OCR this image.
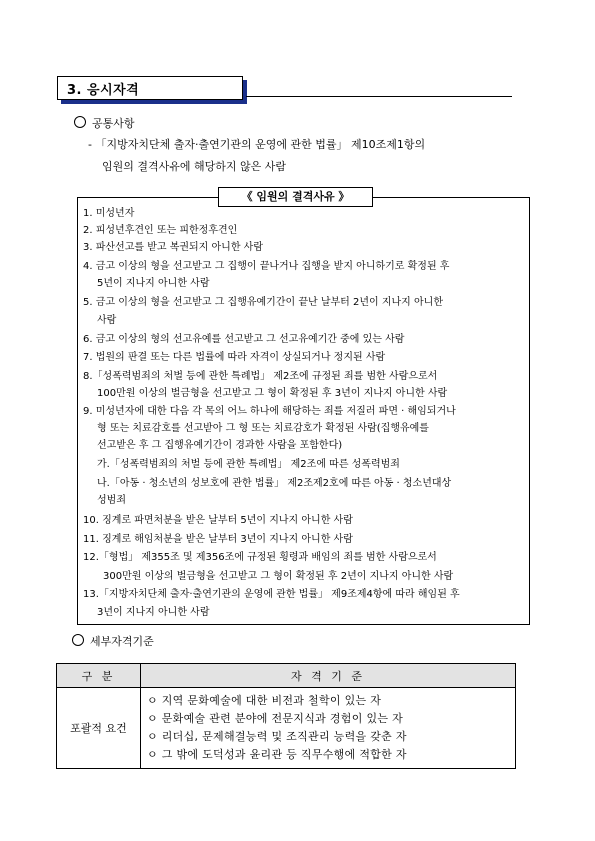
3. 응시자격
공통사항
- 「지방자치단체 출자·출연기관의 운영에 관한 법률」 제10조제1항의
임원의 결격사유에 해당하지 않은 사람
《 임원의 결격사유 》
1. 미성년자
2. 피성년후견인 또는 피한정후견인
3. 파산선고를 받고 복권되지 아니한 사람
4. 금고 이상의 형을 선고받고 그 집행이 끝나거나 집행을 받지 아니하기로 확정된 후
5년이 지나지 아니한 사람
5. 금고 이상의 형을 선고받고 그 집행유예기간이 끝난 날부터 2년이 지나지 아니한
사람
6. 금고 이상의 형의 선고유예를 선고받고 그 선고유예기간 중에 있는 사람
7. 법원의 판결 또는 다른 법률에 따라 자격이 상실되거나 정지된 사람
8.「성폭력범죄의 처벌 등에 관한 특례법」 제2조에 규정된 죄를 범한 사람으로서
100만원 이상의 벌금형을 선고받고 그 형이 확정된 후 3년이 지나지 아니한 사람
9. 미성년자에 대한 다음 각 목의 어느 하나에 해당하는 죄를 저질러 파면 · 해임되거나
형 또는 치료감호를 선고받아 그 형 또는 치료감호가 확정된 사람(집행유예를
선고받은 후 그 집행유예기간이 경과한 사람을 포함한다)
가.「성폭력범죄의 처벌 등에 관한 특례법」 제2조에 따른 성폭력범죄
나.「아동 · 청소년의 성보호에 관한 법률」 제2조제2호에 따른 아동 · 청소년대상
성범죄
10. 징계로 파면처분을 받은 날부터 5년이 지나지 아니한 사람
11. 징계로 해임처분을 받은 날부터 3년이 지나지 아니한 사람
12.「형법」 제355조 및 제356조에 규정된 횡령과 배임의 죄를 범한 사람으로서
300만원 이상의 벌금형을 선고받고 그 형이 확정된 후 2년이 지나지 아니한 사람
13.「지방자치단체 출자·출연기관의 운영에 관한 법률」 제9조제4항에 따라 해임된 후
3년이 지나지 아니한 사람
세부자격기준
구 분	자 격 기 준
포괄적 요건	ㅇ 지역 문화예술에 대한 비전과 철학이 있는 자
ㅇ 문화예술 관련 분야에 전문지식과 경험이 있는 자
ㅇ 리더십, 문제해결능력 및 조직관리 능력을 갖춘 자
ㅇ 그 밖에 도덕성과 윤리관 등 직무수행에 적합한 자
